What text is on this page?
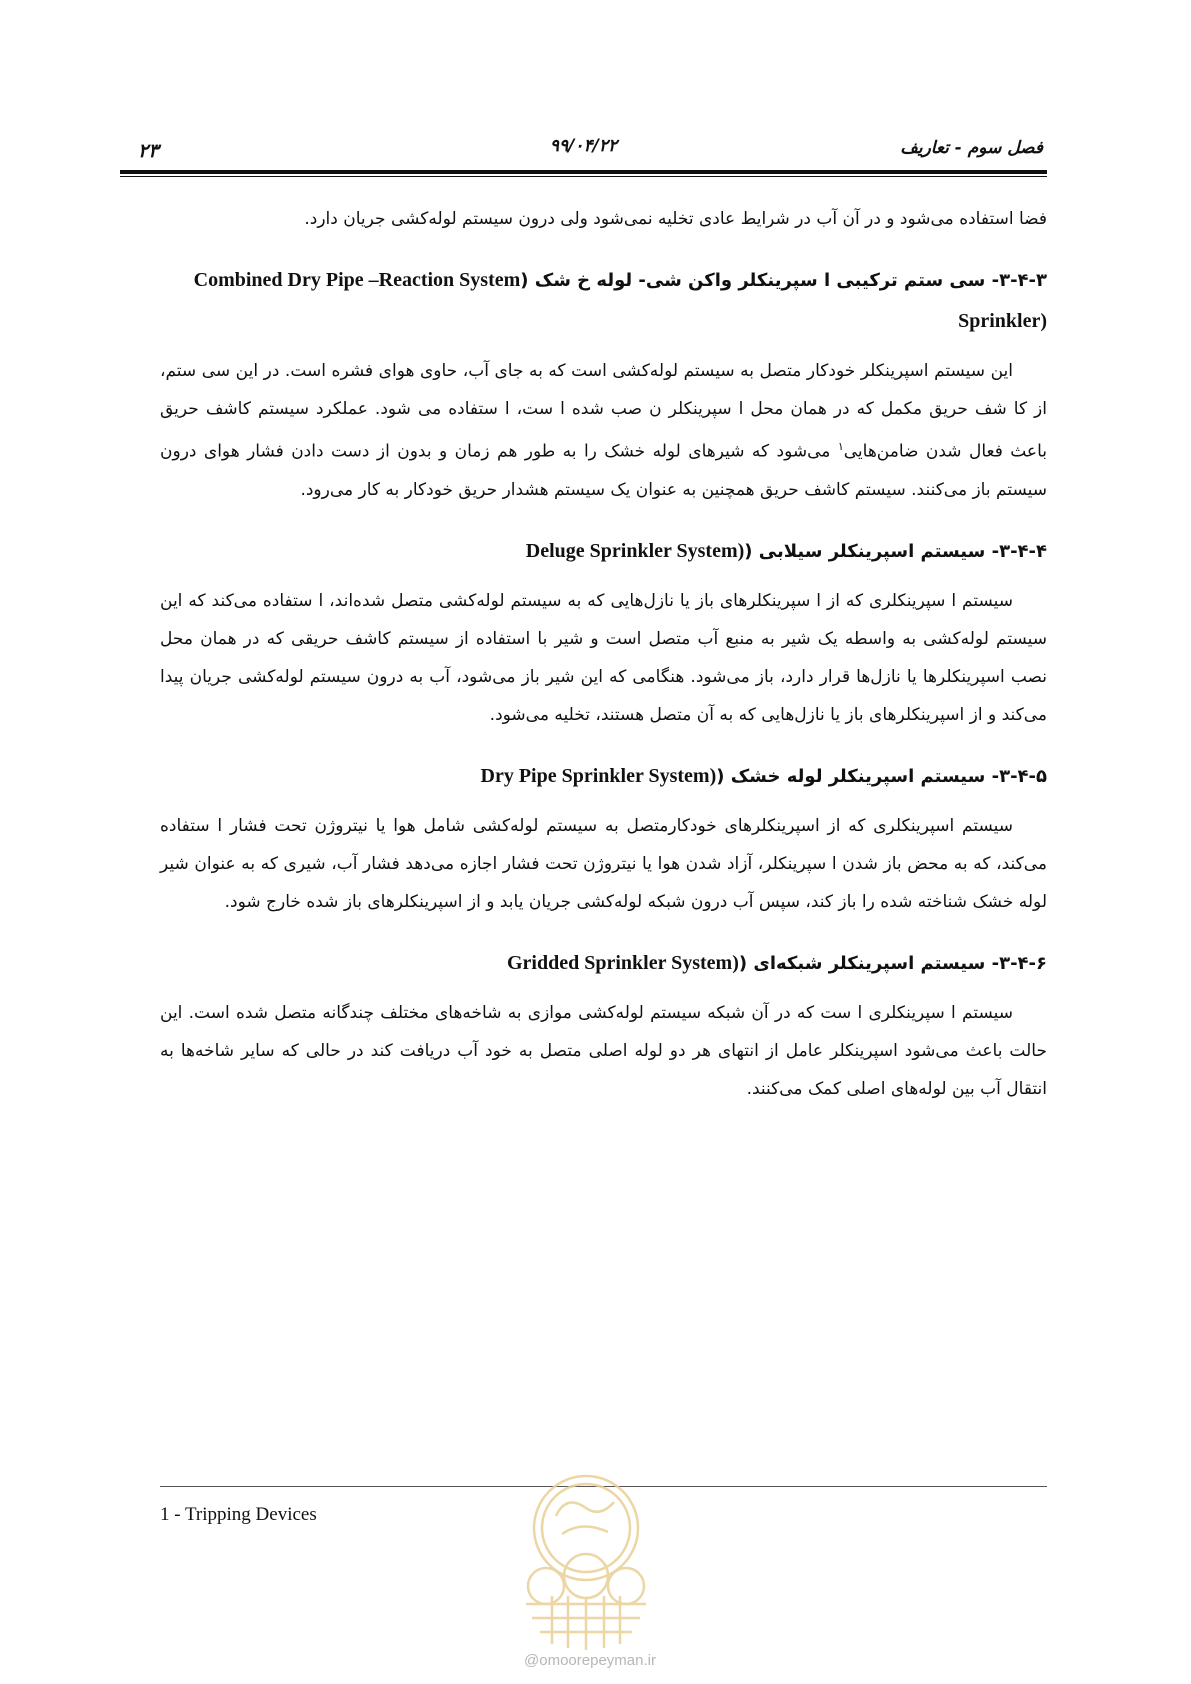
۲۳	۹۹/۰۴/۲۲	فصل سوم - تعاریف

فضا استفاده می‌شود و در آن آب در شرایط عادی تخلیه نمی‌شود ولی درون سیستم لوله‌کشی جریان دارد.

۳-۴-۳- سی ستم ترکیبی ا سپرینکلر واکن شی- لوله خ شک (Combined Dry Pipe –Reaction System Sprinkler)

این سیستم اسپرینکلر خودکار متصل به سیستم لوله‌کشی است که به جای آب، حاوی هوای فشره است. در این سی ستم، از کا شف حریق مکمل که در همان محل ا سپرینکلر ن صب شده ا ست، ا ستفاده می شود. عملکرد سیستم کاشف حریق باعث فعال شدن ضامن‌هایی$^۱$ می‌شود که شیرهای لوله خشک را به طور هم زمان و بدون از دست دادن فشار هوای درون سیستم باز می‌کنند. سیستم کاشف حریق همچنین به عنوان یک سیستم هشدار حریق خودکار به کار می‌رود.

۳-۴-۴- سیستم اسپرینکلر سیلابی (Deluge Sprinkler System)

سیستم ا سپرینکلری که از ا سپرینکلرهای باز یا نازل‌هایی که به سیستم لوله‌کشی متصل شده‌اند، ا ستفاده می‌کند که این سیستم لوله‌کشی به واسطه یک شیر به منبع آب متصل است و شیر با استفاده از سیستم کاشف حریقی که در همان محل نصب اسپرینکلرها یا نازل‌ها قرار دارد، باز می‌شود. هنگامی که این شیر باز می‌شود، آب به درون سیستم لوله‌کشی جریان پیدا می‌کند و از اسپرینکلرهای باز یا نازل‌هایی که به آن متصل هستند، تخلیه می‌شود.

۳-۴-۵- سیستم اسپرینکلر لوله خشک (Dry Pipe Sprinkler System)

سیستم اسپرینکلری که از اسپرینکلرهای خودکارمتصل به سیستم لوله‌کشی شامل هوا یا نیتروژن تحت فشار ا ستفاده می‌کند، که به محض باز شدن ا سپرینکلر، آزاد شدن هوا یا نیتروژن تحت فشار اجازه می‌دهد فشار آب، شیری که به عنوان شیر لوله خشک شناخته شده را باز کند، سپس آب درون شبکه لوله‌کشی جریان یابد و از اسپرینکلرهای باز شده خارج شود.

۳-۴-۶- سیستم اسپرینکلر شبکه‌ای (Gridded Sprinkler System)

سیستم ا سپرینکلری ا ست که در آن شبکه سیستم لوله‌کشی موازی به شاخه‌های مختلف چندگانه متصل شده است. این حالت باعث می‌شود اسپرینکلر عامل از انتهای هر دو لوله اصلی متصل به خود آب دریافت کند در حالی که سایر شاخه‌ها به انتقال آب بین لوله‌های اصلی کمک می‌کنند.

1 - Tripping Devices
@omoorepeyman.ir
